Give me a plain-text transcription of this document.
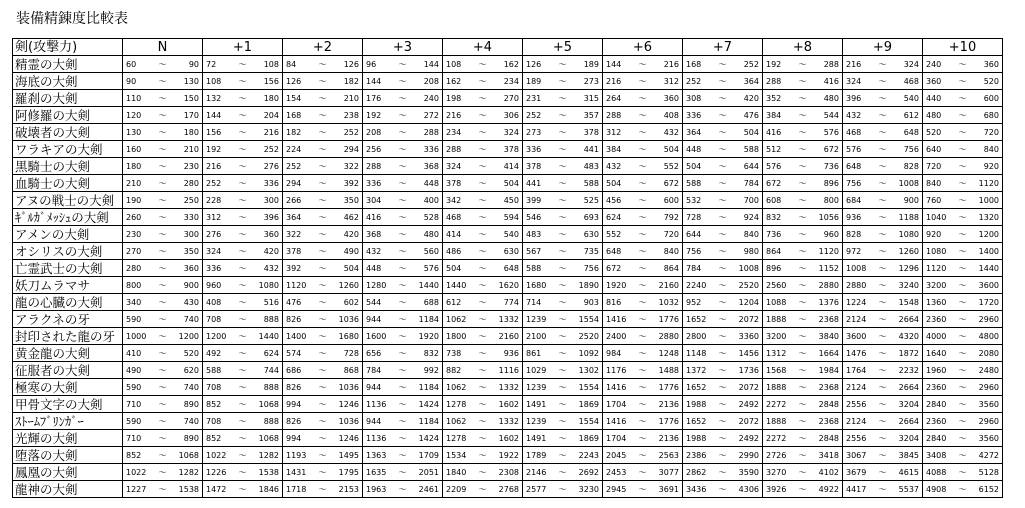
装備精錬度比較表
剣(攻撃力)	N	+1	+2	+3	+4	+5	+6	+7	+8	+9	+10
精霊の大剣	60 ～ 90	72 ～ 108	84 ～ 126	96 ～ 144	108 ～ 162	126 ～ 189	144 ～ 216	168 ～ 252	192 ～ 288	216 ～ 324	240 ～ 360

海底の大剣	90 ～ 130	108 ～ 156	126 ～ 182	144 ～ 208	162 ～ 234	189 ～ 273	216 ～ 312	252 ～ 364	288 ～ 416	324 ～ 468	360 ～ 520

羅刹の大剣	110 ～ 150	132 ～ 180	154 ～ 210	176 ～ 240	198 ～ 270	231 ～ 315	264 ～ 360	308 ～ 420	352 ～ 480	396 ～ 540	440 ～ 600

阿修羅の大剣	120 ～ 170	144 ～ 204	168 ～ 238	192 ～ 272	216 ～ 306	252 ～ 357	288 ～ 408	336 ～ 476	384 ～ 544	432 ～ 612	480 ～ 680

破壊者の大剣	130 ～ 180	156 ～ 216	182 ～ 252	208 ～ 288	234 ～ 324	273 ～ 378	312 ～ 432	364 ～ 504	416 ～ 576	468 ～ 648	520 ～ 720

ワラキアの大剣	160 ～ 210	192 ～ 252	224 ～ 294	256 ～ 336	288 ～ 378	336 ～ 441	384 ～ 504	448 ～ 588	512 ～ 672	576 ～ 756	640 ～ 840

黒騎士の大剣	180 ～ 230	216 ～ 276	252 ～ 322	288 ～ 368	324 ～ 414	378 ～ 483	432 ～ 552	504 ～ 644	576 ～ 736	648 ～ 828	720 ～ 920

血騎士の大剣	210 ～ 280	252 ～ 336	294 ～ 392	336 ～ 448	378 ～ 504	441 ～ 588	504 ～ 672	588 ～ 784	672 ～ 896	756 ～ 1008	840 ～ 1120

アヌの戦士の大剣	190 ～ 250	228 ～ 300	266 ～ 350	304 ～ 400	342 ～ 450	399 ～ 525	456 ～ 600	532 ～ 700	608 ～ 800	684 ～ 900	760 ～ 1000

ｷﾞﾙｶﾞﾒｯｼｭの大剣	260 ～ 330	312 ～ 396	364 ～ 462	416 ～ 528	468 ～ 594	546 ～ 693	624 ～ 792	728 ～ 924	832 ～ 1056	936 ～ 1188	1040 ～ 1320

アメンの大剣	230 ～ 300	276 ～ 360	322 ～ 420	368 ～ 480	414 ～ 540	483 ～ 630	552 ～ 720	644 ～ 840	736 ～ 960	828 ～ 1080	920 ～ 1200

オシリスの大剣	270 ～ 350	324 ～ 420	378 ～ 490	432 ～ 560	486 ～ 630	567 ～ 735	648 ～ 840	756 ～ 980	864 ～ 1120	972 ～ 1260	1080 ～ 1400

亡霊武士の大剣	280 ～ 360	336 ～ 432	392 ～ 504	448 ～ 576	504 ～ 648	588 ～ 756	672 ～ 864	784 ～ 1008	896 ～ 1152	1008 ～ 1296	1120 ～ 1440

妖刀ムラマサ	800 ～ 900	960 ～ 1080	1120 ～ 1260	1280 ～ 1440	1440 ～ 1620	1680 ～ 1890	1920 ～ 2160	2240 ～ 2520	2560 ～ 2880	2880 ～ 3240	3200 ～ 3600

龍の心臓の大剣	340 ～ 430	408 ～ 516	476 ～ 602	544 ～ 688	612 ～ 774	714 ～ 903	816 ～ 1032	952 ～ 1204	1088 ～ 1376	1224 ～ 1548	1360 ～ 1720

アラクネの牙	590 ～ 740	708 ～ 888	826 ～ 1036	944 ～ 1184	1062 ～ 1332	1239 ～ 1554	1416 ～ 1776	1652 ～ 2072	1888 ～ 2368	2124 ～ 2664	2360 ～ 2960

封印された龍の牙	1000 ～ 1200	1200 ～ 1440	1400 ～ 1680	1600 ～ 1920	1800 ～ 2160	2100 ～ 2520	2400 ～ 2880	2800 ～ 3360	3200 ～ 3840	3600 ～ 4320	4000 ～ 4800

黄金龍の大剣	410 ～ 520	492 ～ 624	574 ～ 728	656 ～ 832	738 ～ 936	861 ～ 1092	984 ～ 1248	1148 ～ 1456	1312 ～ 1664	1476 ～ 1872	1640 ～ 2080

征服者の大剣	490 ～ 620	588 ～ 744	686 ～ 868	784 ～ 992	882 ～ 1116	1029 ～ 1302	1176 ～ 1488	1372 ～ 1736	1568 ～ 1984	1764 ～ 2232	1960 ～ 2480

極寒の大剣	590 ～ 740	708 ～ 888	826 ～ 1036	944 ～ 1184	1062 ～ 1332	1239 ～ 1554	1416 ～ 1776	1652 ～ 2072	1888 ～ 2368	2124 ～ 2664	2360 ～ 2960

甲骨文字の大剣	710 ～ 890	852 ～ 1068	994 ～ 1246	1136 ～ 1424	1278 ～ 1602	1491 ～ 1869	1704 ～ 2136	1988 ～ 2492	2272 ～ 2848	2556 ～ 3204	2840 ～ 3560

ｽﾄｰﾑﾌﾞﾘﾝｶﾞｰ	590 ～ 740	708 ～ 888	826 ～ 1036	944 ～ 1184	1062 ～ 1332	1239 ～ 1554	1416 ～ 1776	1652 ～ 2072	1888 ～ 2368	2124 ～ 2664	2360 ～ 2960

光輝の大剣	710 ～ 890	852 ～ 1068	994 ～ 1246	1136 ～ 1424	1278 ～ 1602	1491 ～ 1869	1704 ～ 2136	1988 ～ 2492	2272 ～ 2848	2556 ～ 3204	2840 ～ 3560

堕落の大剣	852 ～ 1068	1022 ～ 1282	1193 ～ 1495	1363 ～ 1709	1534 ～ 1922	1789 ～ 2243	2045 ～ 2563	2386 ～ 2990	2726 ～ 3418	3067 ～ 3845	3408 ～ 4272

鳳凰の大剣	1022 ～ 1282	1226 ～ 1538	1431 ～ 1795	1635 ～ 2051	1840 ～ 2308	2146 ～ 2692	2453 ～ 3077	2862 ～ 3590	3270 ～ 4102	3679 ～ 4615	4088 ～ 5128

龍神の大剣	1227 ～ 1538	1472 ～ 1846	1718 ～ 2153	1963 ～ 2461	2209 ～ 2768	2577 ～ 3230	2945 ～ 3691	3436 ～ 4306	3926 ～ 4922	4417 ～ 5537	4908 ～ 6152
